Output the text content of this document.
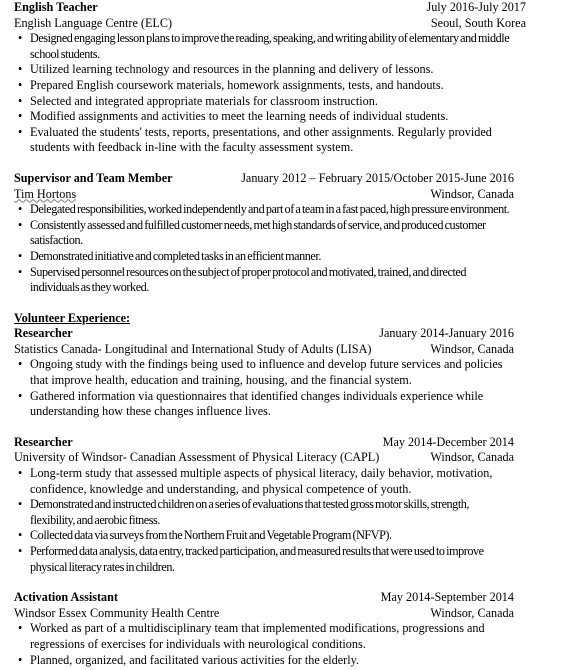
English Teacher	July 2016-July 2017
English Language Centre (ELC)	Seoul, South Korea
• Designed engaging lesson plans to improve the reading, speaking, and writing ability of elementary and middle school students.
• Utilized learning technology and resources in the planning and delivery of lessons.
• Prepared English coursework materials, homework assignments, tests, and handouts.
• Selected and integrated appropriate materials for classroom instruction.
• Modified assignments and activities to meet the learning needs of individual students.
• Evaluated the students' tests, reports, presentations, and other assignments. Regularly provided students with feedback in-line with the faculty assessment system.
Supervisor and Team Member	January 2012 – February 2015/October 2015-June 2016
Tim Hortons	Windsor, Canada
• Delegated responsibilities, worked independently and part of a team in a fast paced, high pressure environment.
• Consistently assessed and fulfilled customer needs, met high standards of service, and produced customer satisfaction.
• Demonstrated initiative and completed tasks in an efficient manner.
• Supervised personnel resources on the subject of proper protocol and motivated, trained, and directed individuals as they worked.
Volunteer Experience:
Researcher	January 2014-January 2016
Statistics Canada- Longitudinal and International Study of Adults (LISA)	Windsor, Canada
• Ongoing study with the findings being used to influence and develop future services and policies that improve health, education and training, housing, and the financial system.
• Gathered information via questionnaires that identified changes individuals experience while understanding how these changes influence lives.
Researcher	May 2014-December 2014
University of Windsor- Canadian Assessment of Physical Literacy (CAPL)	Windsor, Canada
• Long-term study that assessed multiple aspects of physical literacy, daily behavior, motivation, confidence, knowledge and understanding, and physical competence of youth.
• Demonstrated and instructed children on a series of evaluations that tested gross motor skills, strength, flexibility, and aerobic fitness.
• Collected data via surveys from the Northern Fruit and Vegetable Program (NFVP).
• Performed data analysis, data entry, tracked participation, and measured results that were used to improve physical literacy rates in children.
Activation Assistant	May 2014-September 2014
Windsor Essex Community Health Centre	Windsor, Canada
• Worked as part of a multidisciplinary team that implemented modifications, progressions and regressions of exercises for individuals with neurological conditions.
• Planned, organized, and facilitated various activities for the elderly.
